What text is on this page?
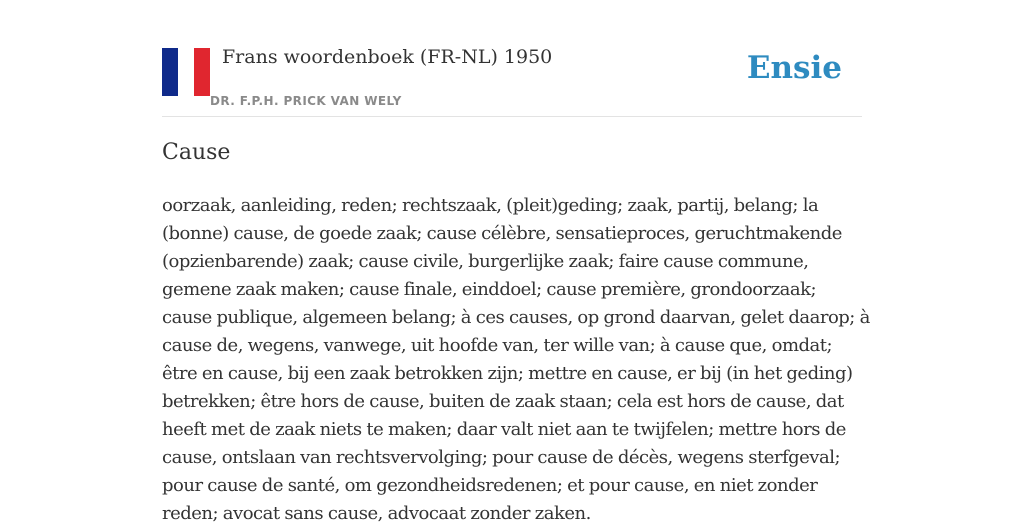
Frans woordenboek (FR-NL) 1950
DR. F.P.H. PRICK VAN WELY
Ensie
Cause

oorzaak, aanleiding, reden; rechtszaak, (pleit)geding; zaak, partij, belang; la (bonne) cause, de goede zaak; cause célèbre, sensatieproces, geruchtmakende (opzienbarende) zaak; cause civile, burgerlijke zaak; faire cause commune, gemene zaak maken; cause finale, einddoel; cause première, grondoorzaak; cause publique, algemeen belang; à ces causes, op grond daarvan, gelet daarop; à cause de, wegens, vanwege, uit hoofde van, ter wille van; à cause que, omdat; être en cause, bij een zaak betrokken zijn; mettre en cause, er bij (in het geding) betrekken; être hors de cause, buiten de zaak staan; cela est hors de cause, dat heeft met de zaak niets te maken; daar valt niet aan te twijfelen; mettre hors de cause, ontslaan van rechtsvervolging; pour cause de décès, wegens sterfgeval; pour cause de santé, om gezondheidsredenen; et pour cause, en niet zonder reden; avocat sans cause, advocaat zonder zaken.
